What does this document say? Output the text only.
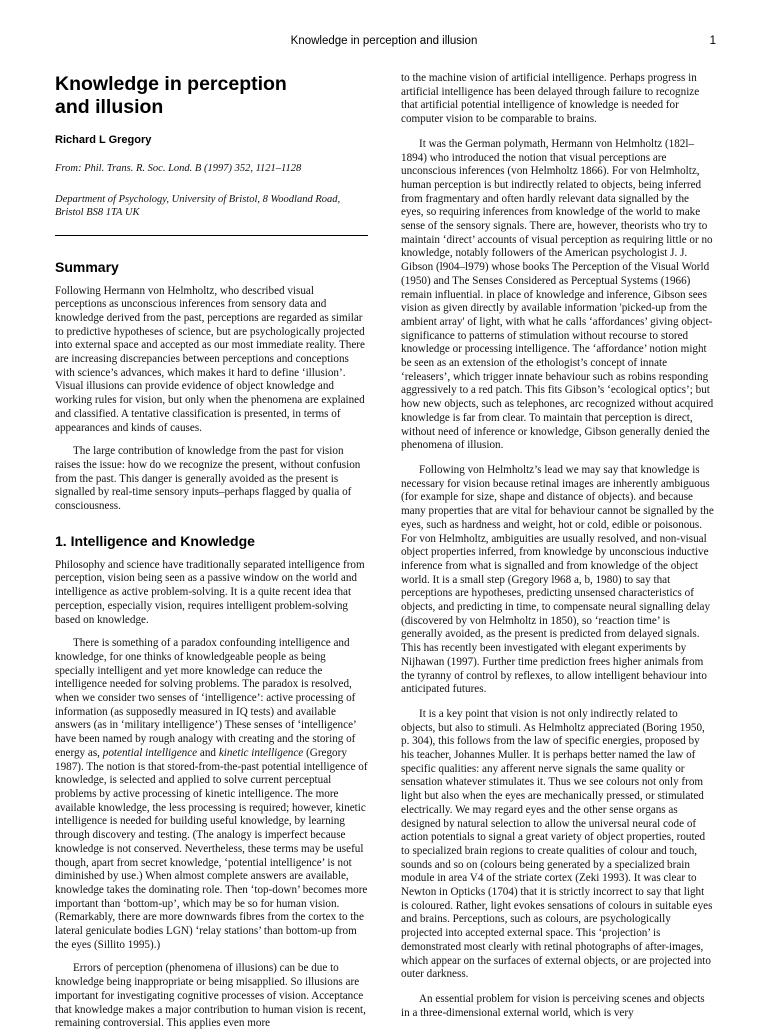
Knowledge in perception and illusion	1
Knowledge in perception
and illusion
Richard L Gregory

From: Phil. Trans. R. Soc. Lond. B (1997) 352, 1121–1128

Department of Psychology, University of Bristol, 8 Woodland Road, Bristol BS8 1TA UK

Summary

Following Hermann von Helmholtz, who described visual perceptions as unconscious inferences from sensory data and knowledge derived from the past, perceptions are regarded as similar to predictive hypotheses of science, but are psychologically projected into external space and accepted as our most immediate reality. There are increasing discrepancies between perceptions and conceptions with science’s advances, which makes it hard to define ‘illusion’. Visual illusions can provide evidence of object knowledge and working rules for vision, but only when the phenomena are explained and classified. A tentative classification is presented, in terms of appearances and kinds of causes.

The large contribution of knowledge from the past for vision raises the issue: how do we recognize the present, without confusion from the past. This danger is generally avoided as the present is signalled by real-time sensory inputs–perhaps flagged by qualia of consciousness.

1. Intelligence and Knowledge

Philosophy and science have traditionally separated intelligence from perception, vision being seen as a passive window on the world and intelligence as active problem-solving. It is a quite recent idea that perception, especially vision, requires intelligent problem-solving based on knowledge.

There is something of a paradox confounding intelligence and knowledge, for one thinks of knowledgeable people as being specially intelligent and yet more knowledge can reduce the intelligence needed for solving problems. The paradox is resolved, when we consider two senses of ‘intelligence’: active processing of information (as supposedly measured in IQ tests) and available answers (as in ‘military intelligence’) These senses of ‘intelligence’ have been named by rough analogy with creating and the storing of energy as, potential intelligence and kinetic intelligence (Gregory 1987). The notion is that stored-from-the-past potential intelligence of knowledge, is selected and applied to solve current perceptual problems by active processing of kinetic intelligence. The more available knowledge, the less processing is required; however, kinetic intelligence is needed for building useful knowledge, by learning through discovery and testing. (The analogy is imperfect because knowledge is not conserved. Nevertheless, these terms may be useful though, apart from secret knowledge, ‘potential intelligence’ is not diminished by use.) When almost complete answers are available, knowledge takes the dominating role. Then ‘top-down’ becomes more important than ‘bottom-up’, which may be so for human vision. (Remarkably, there are more downwards fibres from the cortex to the lateral geniculate bodies LGN) ‘relay stations’ than bottom-up from the eyes (Sillito 1995).)

Errors of perception (phenomena of illusions) can be due to knowledge being inappropriate or being misapplied. So illusions are important for investigating cognitive processes of vision. Acceptance that knowledge makes a major contribution to human vision is recent, remaining controversial. This applies even more

to the machine vision of artificial intelligence. Perhaps progress in artificial intelligence has been delayed through failure to recognize that artificial potential intelligence of knowledge is needed for computer vision to be comparable to brains.

It was the German polymath, Hermann von Helmholtz (182l–1894) who introduced the notion that visual perceptions are unconscious inferences (von Helmholtz 1866). For von Helmholtz, human perception is but indirectly related to objects, being inferred from fragmentary and often hardly relevant data signalled by the eyes, so requiring inferences from knowledge of the world to make sense of the sensory signals. There are, however, theorists who try to maintain ‘direct’ accounts of visual perception as requiring little or no knowledge, notably followers of the American psychologist J. J. Gibson (l904–l979) whose books The Perception of the Visual World (1950) and The Senses Considered as Perceptual Systems (1966) remain influential. in place of knowledge and inference, Gibson sees vision as given directly by available information 'picked-up from the ambient array' of light, with what he calls ‘affordances’ giving object-significance to patterns of stimulation without recourse to stored knowledge or processing intelligence. The ‘affordance’ notion might be seen as an extension of the ethologist’s concept of innate ‘releasers’, which trigger innate behaviour such as robins responding aggressively to a red patch. This fits Gibson’s ‘ecological optics’; but how new objects, such as telephones, arc recognized without acquired knowledge is far from clear. To maintain that perception is direct, without need of inference or knowledge, Gibson generally denied the phenomena of illusion.

Following von Helmholtz’s lead we may say that knowledge is necessary for vision because retinal images are inherently ambiguous (for example for size, shape and distance of objects). and because many properties that are vital for behaviour cannot be signalled by the eyes, such as hardness and weight, hot or cold, edible or poisonous. For von Helmholtz, ambiguities are usually resolved, and non-visual object properties inferred, from knowledge by unconscious inductive inference from what is signalled and from knowledge of the object world. It is a small step (Gregory l968 a, b, 1980) to say that perceptions are hypotheses, predicting unsensed characteristics of objects, and predicting in time, to compensate neural signalling delay (discovered by von Helmholtz in 1850), so ‘reaction time’ is generally avoided, as the present is predicted from delayed signals. This has recently been investigated with elegant experiments by Nijhawan (1997). Further time prediction frees higher animals from the tyranny of control by reflexes, to allow intelligent behaviour into anticipated futures.

It is a key point that vision is not only indirectly related to objects, but also to stimuli. As Helmholtz appreciated (Boring 1950, p. 304), this follows from the law of specific energies, proposed by his teacher, Johannes Muller. It is perhaps better named the law of specific qualities: any afferent nerve signals the same quality or sensation whatever stimulates it. Thus we see colours not only from light but also when the eyes are mechanically pressed, or stimulated electrically. We may regard eyes and the other sense organs as designed by natural selection to allow the universal neural code of action potentials to signal a great variety of object properties, routed to specialized brain regions to create qualities of colour and touch, sounds and so on (colours being generated by a specialized brain module in area V4 of the striate cortex (Zeki 1993). It was clear to Newton in Opticks (1704) that it is strictly incorrect to say that light is coloured. Rather, light evokes sensations of colours in suitable eyes and brains. Perceptions, such as colours, are psychologically projected into accepted external space. This ‘projection’ is demonstrated most clearly with retinal photographs of after-images, which appear on the surfaces of external objects, or are projected into outer darkness.

An essential problem for vision is perceiving scenes and objects in a three-dimensional external world, which is very
